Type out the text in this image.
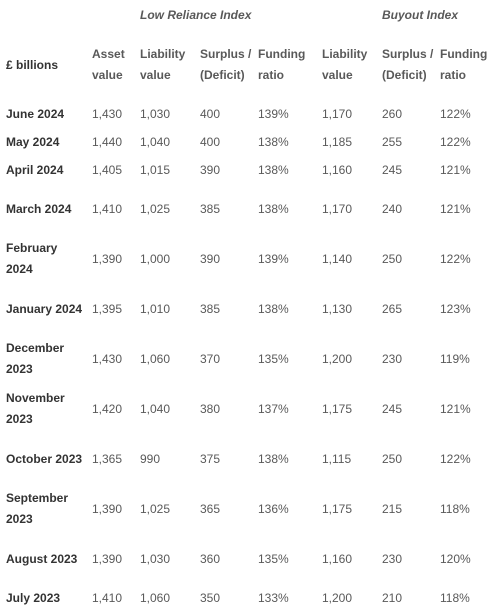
		Low Reliance Index				Buyout Index	
£ billions	Asset value	Liability value	Surplus / (Deficit)	Funding ratio	Liability value	Surplus / (Deficit)	Funding ratio
June 2024	1,430	1,030	400	139%	1,170	260	122%
May 2024	1,440	1,040	400	138%	1,185	255	122%
April 2024	1,405	1,015	390	138%	1,160	245	121%
March 2024	1,410	1,025	385	138%	1,170	240	121%
February 2024	1,390	1,000	390	139%	1,140	250	122%
January 2024	1,395	1,010	385	138%	1,130	265	123%
December 2023	1,430	1,060	370	135%	1,200	230	119%
November 2023	1,420	1,040	380	137%	1,175	245	121%
October 2023	1,365	990	375	138%	1,115	250	122%
September 2023	1,390	1,025	365	136%	1,175	215	118%
August 2023	1,390	1,030	360	135%	1,160	230	120%
July 2023	1,410	1,060	350	133%	1,200	210	118%
